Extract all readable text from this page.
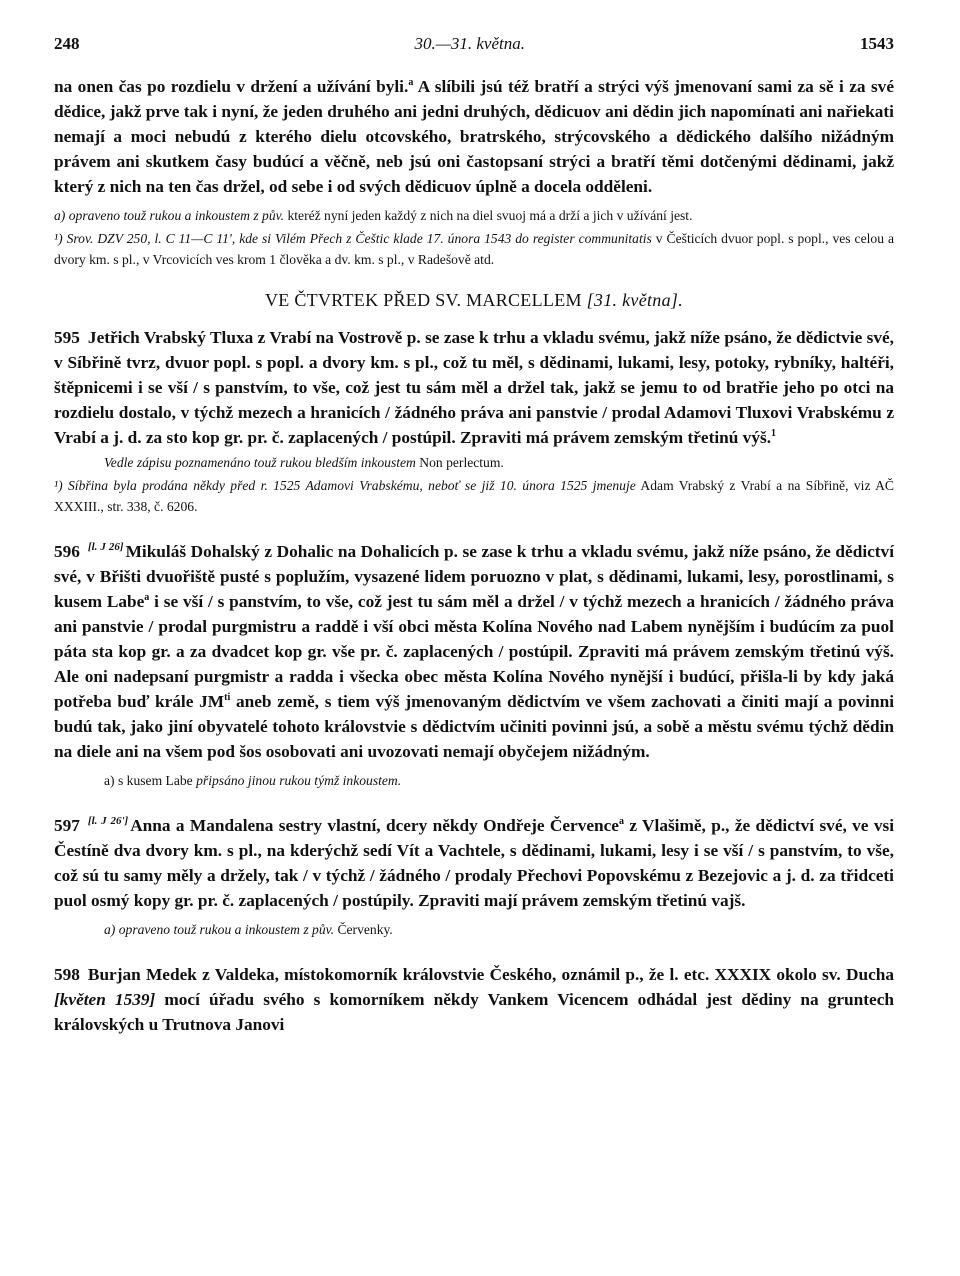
248	30.—31. května.	1543

na onen čas po rozdielu v držení a užívání byli.$^a$ A slíbili jsú též bratří a strýci výš jmenovaní sami za sě i za své dědice, jakž prve tak i nyní, že jeden druhého ani jedni druhých, dědicuov ani dědin jich napomínati ani nařiekati nemají a moci nebudú z kterého dielu otcovského, bratrského, strýcovského a dědického dalšího nižádným právem ani skutkem časy budúcí a věčně, neb jsú oni častopsaní strýci a bratří těmi dotčenými dědinami, jakž který z nich na ten čas držel, od sebe i od svých dědicuov úplně a docela odděleni.

a) opraveno touž rukou a inkoustem z pův. kteréž nyní jeden každý z nich na diel svuoj má a drží a jich v užívání jest.

¹) Srov. DZV 250, l. C 11—C 11', kde si Vilém Přech z Češtic klade 17. února 1543 do register communitatis v Češticích dvuor popl. s popl., ves celou a dvory km. s pl., v Vrcovicích ves krom 1 člověka a dv. km. s pl., v Radešově atd.

VE ČTVRTEK PŘED SV. MARCELLEM [31. května].

595 Jetřich Vrabský Tluxa z Vrabí na Vostrově p. se zase k trhu a vkladu svému, jakž níže psáno, že dědictvie své, v Síbřině tvrz, dvuor popl. s popl. a dvory km. s pl., což tu měl, s dědinami, lukami, lesy, potoky, rybníky, haltéři, štěpnicemi i se vší / s panstvím, to vše, což jest tu sám měl a držel tak, jakž se jemu to od bratřie jeho po otci na rozdielu dostalo, v týchž mezech a hranicích / žádného práva ani panstvie / prodal Adamovi Tluxovi Vrabskému z Vrabí a j. d. za sto kop gr. pr. č. zaplacených / postúpil. Zpraviti má právem zemským třetinú výš.$^1$

Vedle zápisu poznamenáno touž rukou bledším inkoustem Non perlectum.

¹) Síbřina byla prodána někdy před r. 1525 Adamovi Vrabskému, neboť se již 10. února 1525 jmenuje Adam Vrabský z Vrabí a na Síbřině, viz AČ XXXIII., str. 338, č. 6206.

596 [l. J 26] Mikuláš Dohalský z Dohalic na Dohalicích p. se zase k trhu a vkladu svému, jakž níže psáno, že dědictví své, v Břišti dvuořiště pusté s poplužím, vysazené lidem poruozno v plat, s dědinami, lukami, lesy, porostlinami, s kusem Labe$^a$ i se vší / s panstvím, to vše, což jest tu sám měl a držel / v týchž mezech a hranicích / žádného práva ani panstvie / prodal purgmistru a raddě i vší obci města Kolína Nového nad Labem nynějším i budúcím za puol páta sta kop gr. a za dvadcet kop gr. vše pr. č. zaplacených / postúpil. Zpraviti má právem zemským třetinú výš. Ale oni nadepsaní purgmistr a radda i všecka obec města Kolína Nového nynější i budúcí, přišla-li by kdy jaká potřeba buď krále $JM^{ti}$ aneb země, s tiem výš jmenovaným dědictvím ve všem zachovati a činiti mají a povinni budú tak, jako jiní obyvatelé tohoto královstvie s dědictvím učiniti povinni jsú, a sobě a městu svému týchž dědin na diele ani na všem pod šos osobovati ani uvozovati nemají obyčejem nižádným.

a) s kusem Labe připsáno jinou rukou týmž inkoustem.

597 [l. J 26'] Anna a Mandalena sestry vlastní, dcery někdy Ondřeje Července$^a$ z Vlašimě, p., že dědictví své, ve vsi Čestíně dva dvory km. s pl., na kderýchž sedí Vít a Vachtele, s dědinami, lukami, lesy i se vší / s panstvím, to vše, což sú tu samy měly a držely, tak / v týchž / žádného / prodaly Přechovi Popovskému z Bezejovic a j. d. za třidceti puol osmý kopy gr. pr. č. zaplacených / postúpily. Zpraviti mají právem zemským třetinú vajš.

a) opraveno touž rukou a inkoustem z pův. Červenky.

598 Burjan Medek z Valdeka, místokomorník královstvie Českého, oznámil p., že l. etc. XXXIX okolo sv. Ducha [květen 1539] mocí úřadu svého s komorníkem někdy Vankem Vicencem odhádal jest dědiny na gruntech královských u Trutnova Janovi
